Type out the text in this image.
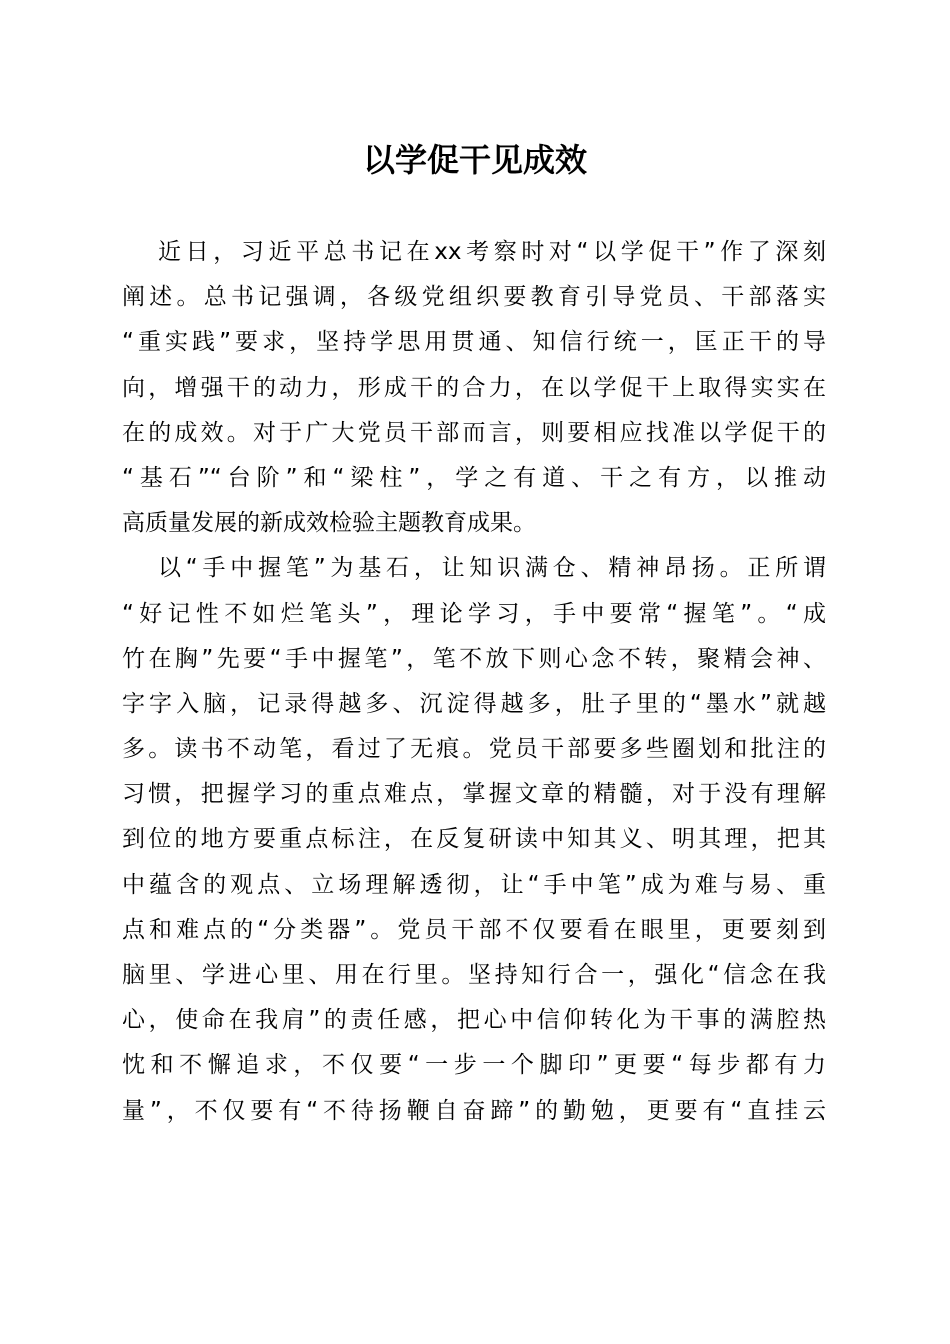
以学促干见成效
近日，习近平总书记在xx考察时对“以学促干”作了深刻
阐述。总书记强调，各级党组织要教育引导党员、干部落实
“重实践”要求，坚持学思用贯通、知信行统一，匡正干的导
向，增强干的动力，形成干的合力，在以学促干上取得实实在
在的成效。对于广大党员干部而言，则要相应找准以学促干的
“基石”“台阶”和“梁柱”，学之有道、干之有方，以推动
高质量发展的新成效检验主题教育成果。
以“手中握笔”为基石，让知识满仓、精神昂扬。正所谓
“好记性不如烂笔头”，理论学习，手中要常“握笔”。“成
竹在胸”先要“手中握笔”，笔不放下则心念不转，聚精会神、
字字入脑，记录得越多、沉淀得越多，肚子里的“墨水”就越
多。读书不动笔，看过了无痕。党员干部要多些圈划和批注的
习惯，把握学习的重点难点，掌握文章的精髓，对于没有理解
到位的地方要重点标注，在反复研读中知其义、明其理，把其
中蕴含的观点、立场理解透彻，让“手中笔”成为难与易、重
点和难点的“分类器”。党员干部不仅要看在眼里，更要刻到
脑里、学进心里、用在行里。坚持知行合一，强化“信念在我
心，使命在我肩”的责任感，把心中信仰转化为干事的满腔热
忱和不懈追求，不仅要“一步一个脚印”更要“每步都有力
量”，不仅要有“不待扬鞭自奋蹄”的勤勉，更要有“直挂云
